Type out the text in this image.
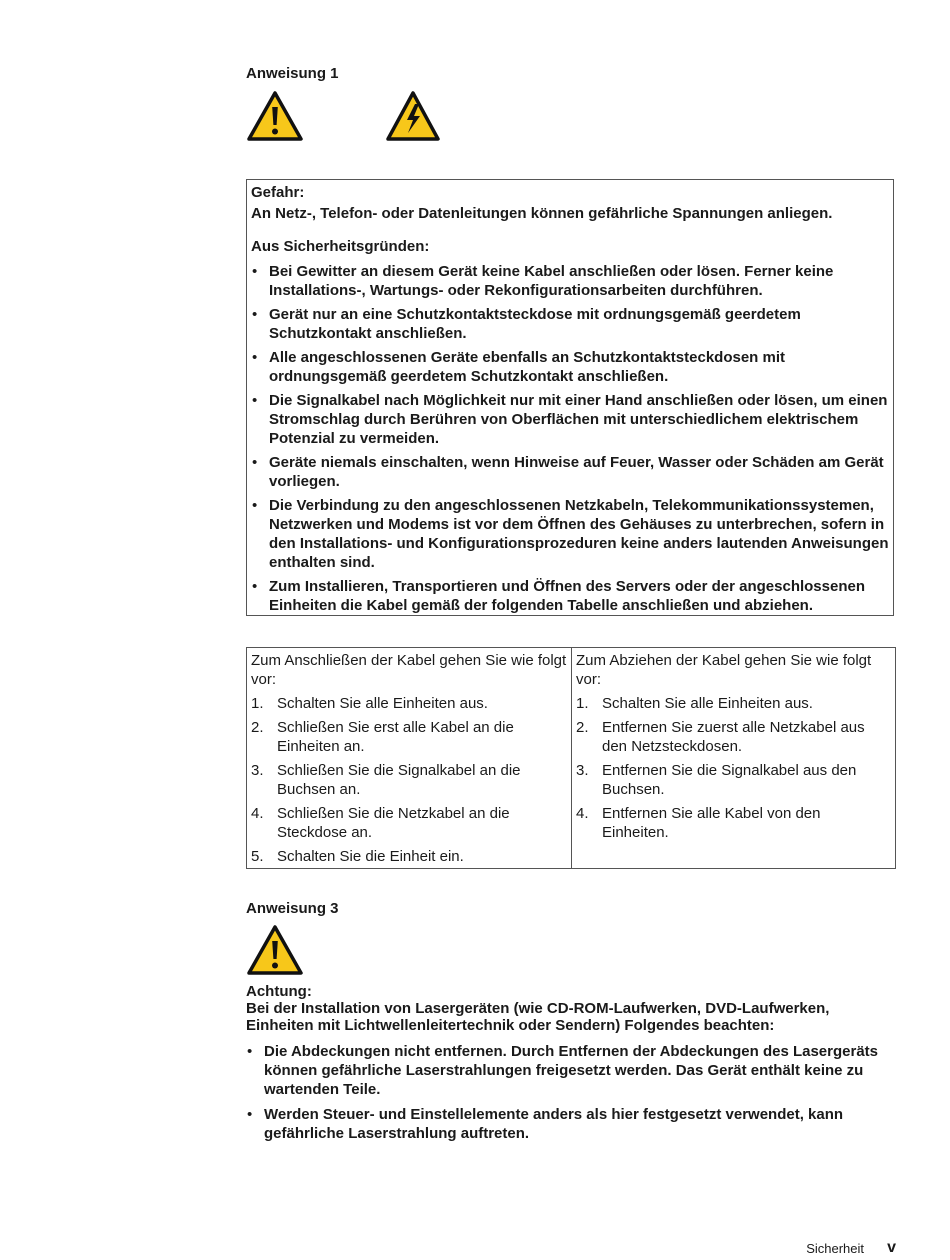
Anweisung 1
Gefahr:
An Netz-, Telefon- oder Datenleitungen können gefährliche Spannungen anliegen.
Aus Sicherheitsgründen:
• Bei Gewitter an diesem Gerät keine Kabel anschließen oder lösen. Ferner keine Installations-, Wartungs- oder Rekonfigurationsarbeiten durchführen.
• Gerät nur an eine Schutzkontaktsteckdose mit ordnungsgemäß geerdetem Schutzkontakt anschließen.
• Alle angeschlossenen Geräte ebenfalls an Schutzkontaktsteckdosen mit ordnungsgemäß geerdetem Schutzkontakt anschließen.
• Die Signalkabel nach Möglichkeit nur mit einer Hand anschließen oder lösen, um einen Stromschlag durch Berühren von Oberflächen mit unterschiedlichem elektrischem Potenzial zu vermeiden.
• Geräte niemals einschalten, wenn Hinweise auf Feuer, Wasser oder Schäden am Gerät vorliegen.
• Die Verbindung zu den angeschlossenen Netzkabeln, Telekommunikationssystemen, Netzwerken und Modems ist vor dem Öffnen des Gehäuses zu unterbrechen, sofern in den Installations- und Konfigurationsprozeduren keine anders lautenden Anweisungen enthalten sind.
• Zum Installieren, Transportieren und Öffnen des Servers oder der angeschlossenen Einheiten die Kabel gemäß der folgenden Tabelle anschließen und abziehen.
Zum Anschließen der Kabel gehen Sie wie folgt vor:
1. Schalten Sie alle Einheiten aus.
2. Schließen Sie erst alle Kabel an die Einheiten an.
3. Schließen Sie die Signalkabel an die Buchsen an.
4. Schließen Sie die Netzkabel an die Steckdose an.
5. Schalten Sie die Einheit ein.
Zum Abziehen der Kabel gehen Sie wie folgt vor:
1. Schalten Sie alle Einheiten aus.
2. Entfernen Sie zuerst alle Netzkabel aus den Netzsteckdosen.
3. Entfernen Sie die Signalkabel aus den Buchsen.
4. Entfernen Sie alle Kabel von den Einheiten.
Anweisung 3
Achtung:
Bei der Installation von Lasergeräten (wie CD-ROM-Laufwerken, DVD-Laufwerken, Einheiten mit Lichtwellenleitertechnik oder Sendern) Folgendes beachten:
• Die Abdeckungen nicht entfernen. Durch Entfernen der Abdeckungen des Lasergeräts können gefährliche Laserstrahlungen freigesetzt werden. Das Gerät enthält keine zu wartenden Teile.
• Werden Steuer- und Einstellelemente anders als hier festgesetzt verwendet, kann gefährliche Laserstrahlung auftreten.
Sicherheit v
